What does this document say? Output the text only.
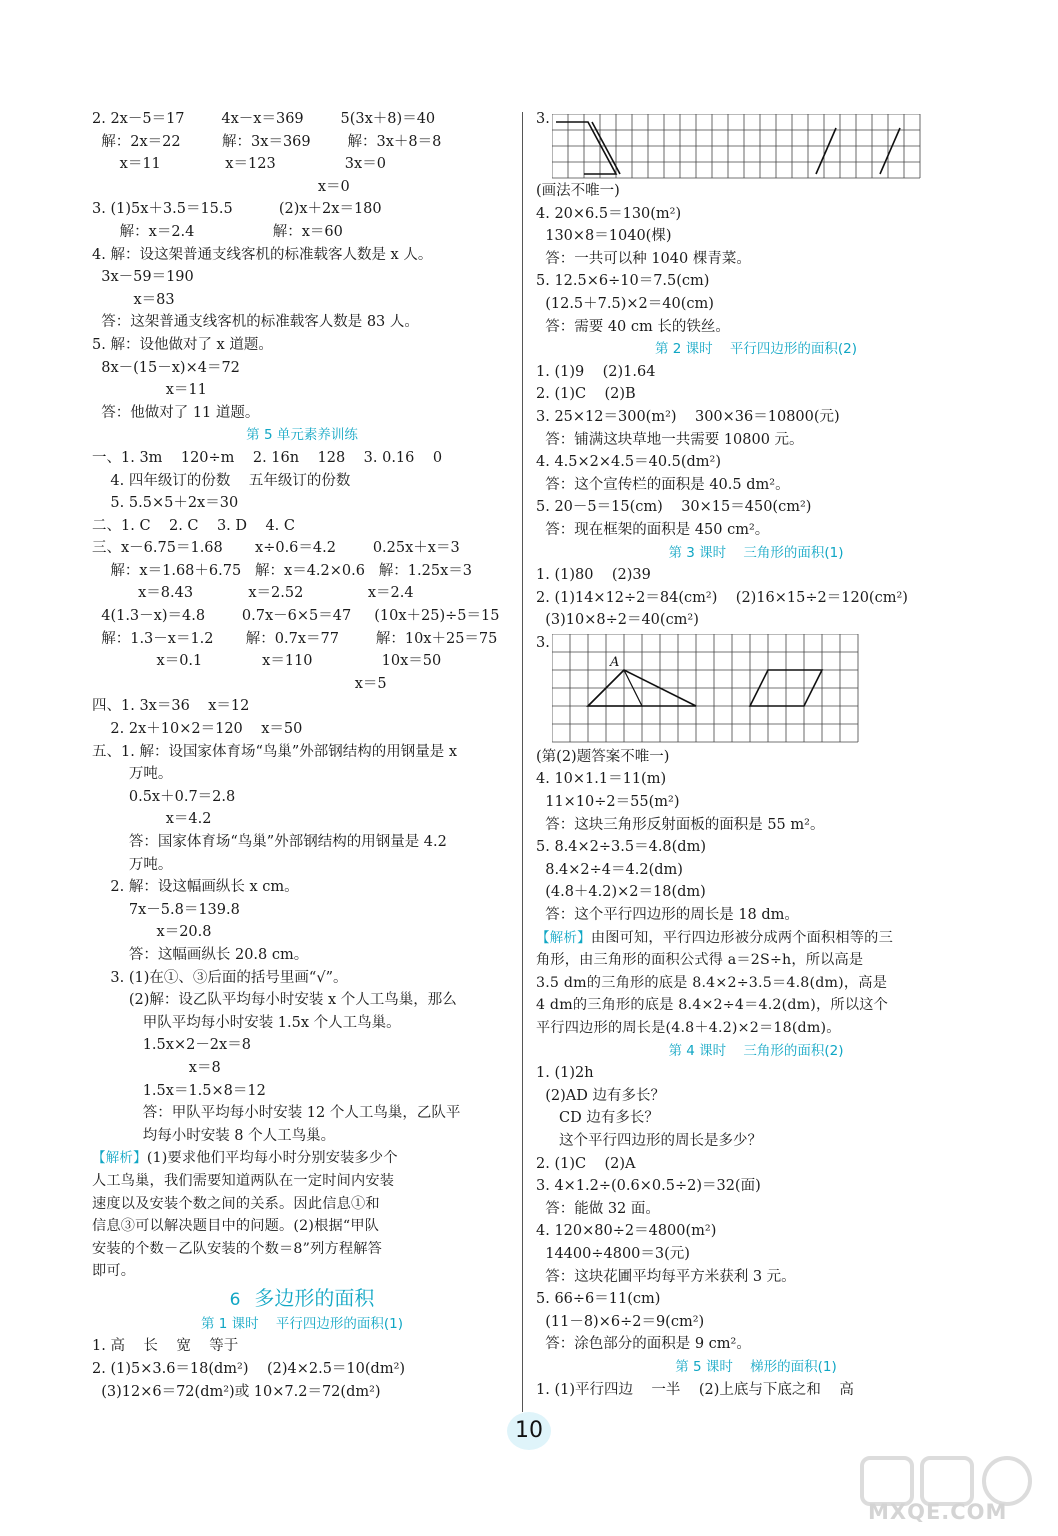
2. 2x－5＝17        4x－x＝369        5(3x＋8)＝40
解：2x＝22         解：3x＝369        解：3x＋8＝8
x＝11              x＝123               3x＝0
x＝0
3. (1)5x＋3.5＝15.5          (2)x＋2x＝180
解：x＝2.4                 解：x＝60
4. 解：设这架普通支线客机的标准载客人数是 x 人。
3x－59＝190
x＝83
答：这架普通支线客机的标准载客人数是 83 人。
5. 解：设他做对了 x 道题。
8x－(15－x)×4＝72
x＝11
答：他做对了 11 道题。
第 5 单元素养训练
一、1. 3m    120÷m    2. 16n    128    3. 0.16    0
4. 四年级订的份数    五年级订的份数
5. 5.5×5＋2x＝30
二、1. C    2. C    3. D    4. C
三、x－6.75＝1.68       x÷0.6＝4.2        0.25x＋x＝3
解：x＝1.68＋6.75   解：x＝4.2×0.6   解：1.25x＝3
x＝8.43            x＝2.52              x＝2.4
4(1.3－x)＝4.8        0.7x－6×5＝47     (10x＋25)÷5＝15
解：1.3－x＝1.2       解：0.7x＝77        解：10x＋25＝75
x＝0.1             x＝110               10x＝50
x＝5
四、1. 3x＝36    x＝12
2. 2x＋10×2＝120    x＝50
五、1. 解：设国家体育场“鸟巢”外部钢结构的用钢量是 x
万吨。
0.5x＋0.7＝2.8
x＝4.2
答：国家体育场“鸟巢”外部钢结构的用钢量是 4.2
万吨。
2. 解：设这幅画纵长 x cm。
7x－5.8＝139.8
x＝20.8
答：这幅画纵长 20.8 cm。
3. (1)在①、③后面的括号里画“√”。
(2)解：设乙队平均每小时安装 x 个人工鸟巢，那么
甲队平均每小时安装 1.5x 个人工鸟巢。
1.5x×2－2x＝8
x＝8
1.5x＝1.5×8＝12
答：甲队平均每小时安装 12 个人工鸟巢，乙队平
均每小时安装 8 个人工鸟巢。
【解析】(1)要求他们平均每小时分别安装多少个
人工鸟巢，我们需要知道两队在一定时间内安装
速度以及安装个数之间的关系。因此信息①和
信息③可以解决题目中的问题。(2)根据“甲队
安装的个数－乙队安装的个数＝8”列方程解答
即可。
6 多边形的面积
第 1 课时    平行四边形的面积(1)
1. 高    长    宽    等于
2. (1)5×3.6＝18(dm²)    (2)4×2.5＝10(dm²)
(3)12×6＝72(dm²)或 10×7.2＝72(dm²)
3.
(画法不唯一)
4. 20×6.5＝130(m²)
130×8＝1040(棵)
答：一共可以种 1040 棵青菜。
5. 12.5×6÷10＝7.5(cm)
(12.5＋7.5)×2＝40(cm)
答：需要 40 cm 长的铁丝。
第 2 课时    平行四边形的面积(2)
1. (1)9    (2)1.64
2. (1)C    (2)B
3. 25×12＝300(m²)    300×36＝10800(元)
答：铺满这块草地一共需要 10800 元。
4. 4.5×2×4.5＝40.5(dm²)
答：这个宣传栏的面积是 40.5 dm²。
5. 20－5＝15(cm)    30×15＝450(cm²)
答：现在框架的面积是 450 cm²。
第 3 课时    三角形的面积(1)
1. (1)80    (2)39
2. (1)14×12÷2＝84(cm²)    (2)16×15÷2＝120(cm²)
(3)10×8÷2＝40(cm²)
3.
A
(第(2)题答案不唯一)
4. 10×1.1＝11(m)
11×10÷2＝55(m²)
答：这块三角形反射面板的面积是 55 m²。
5. 8.4×2÷3.5＝4.8(dm)
8.4×2÷4＝4.2(dm)
(4.8＋4.2)×2＝18(dm)
答：这个平行四边形的周长是 18 dm。
【解析】由图可知，平行四边形被分成两个面积相等的三
角形，由三角形的面积公式得 a＝2S÷h，所以高是
3.5 dm的三角形的底是 8.4×2÷3.5＝4.8(dm)，高是
4 dm的三角形的底是 8.4×2÷4＝4.2(dm)，所以这个
平行四边形的周长是(4.8＋4.2)×2＝18(dm)。
第 4 课时    三角形的面积(2)
1. (1)2h
(2)AD 边有多长？
CD 边有多长？
这个平行四边形的周长是多少？
2. (1)C    (2)A
3. 4×1.2÷(0.6×0.5÷2)＝32(面)
答：能做 32 面。
4. 120×80÷2＝4800(m²)
14400÷4800＝3(元)
答：这块花圃平均每平方米获利 3 元。
5. 66÷6＝11(cm)
(11－8)×6÷2＝9(cm²)
答：涂色部分的面积是 9 cm²。
第 5 课时    梯形的面积(1)
1. (1)平行四边    一半    (2)上底与下底之和    高
10
MXQE.COM
